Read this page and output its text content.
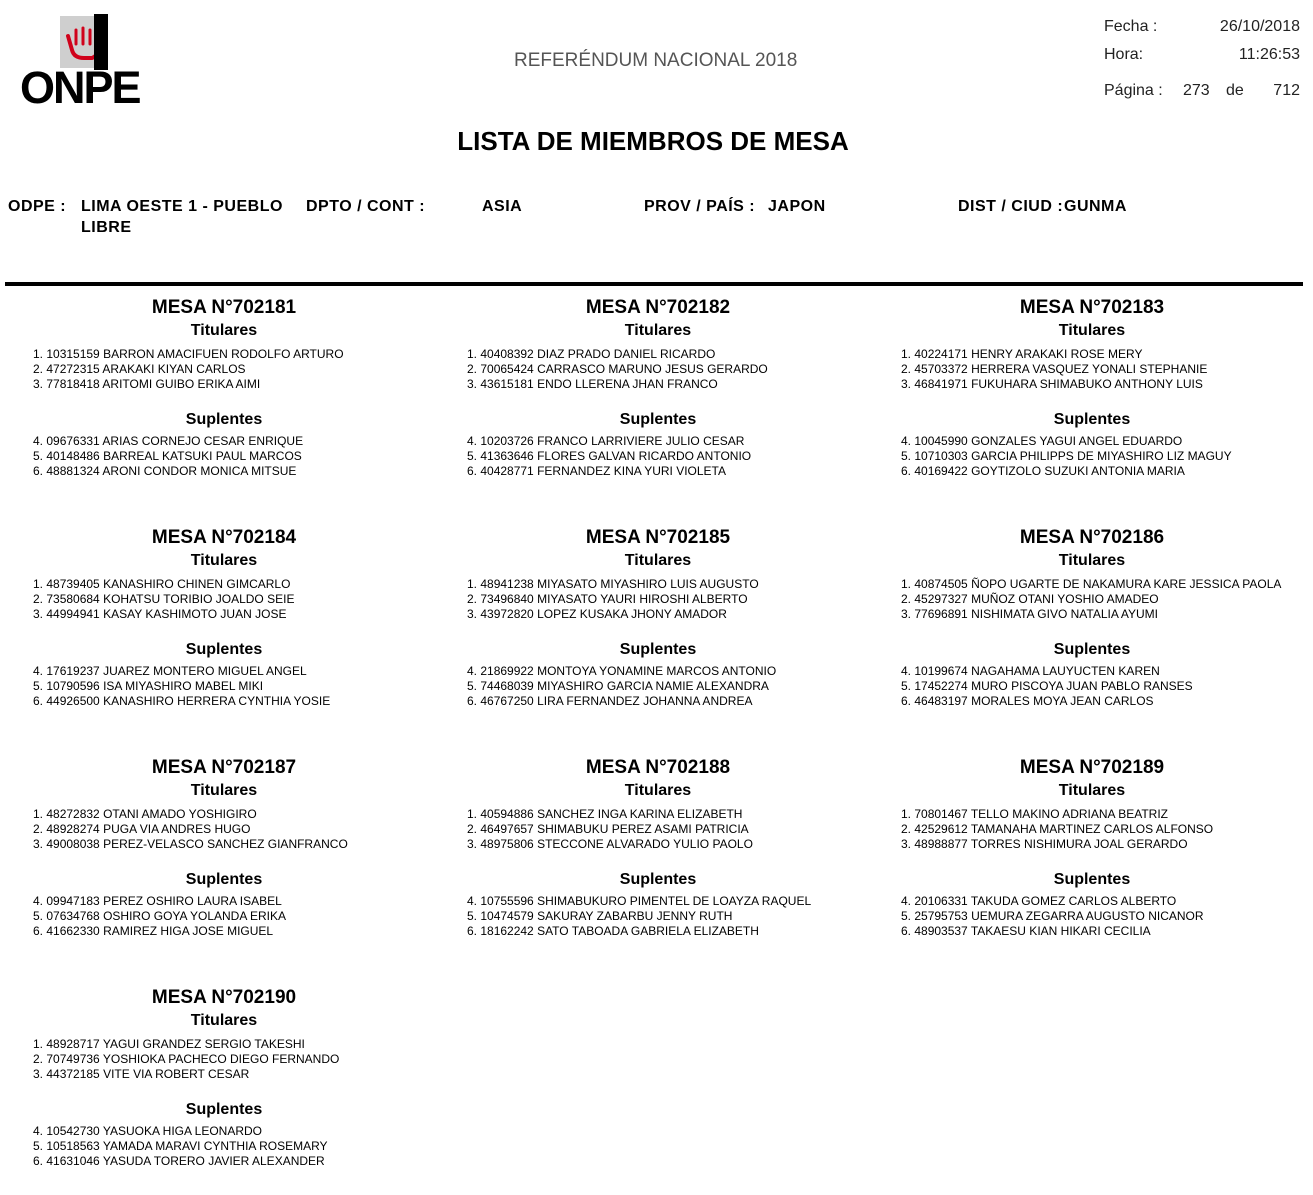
ONPE
REFERÉNDUM NACIONAL 2018
Fecha :	26/10/2018
Hora:	11:26:53
Página : 273 de 712
LISTA DE MIEMBROS DE MESA
ODPE : LIMA OESTE 1 - PUEBLO
LIBRE
DPTO / CONT :	ASIA	PROV / PAÍS : JAPON	DIST / CIUD : GUNMA
MESA N°702181
Titulares
1. 10315159 BARRON AMACIFUEN RODOLFO ARTURO
2. 47272315 ARAKAKI KIYAN CARLOS
3. 77818418 ARITOMI GUIBO ERIKA AIMI
Suplentes
4. 09676331 ARIAS CORNEJO CESAR ENRIQUE
5. 40148486 BARREAL KATSUKI PAUL MARCOS
6. 48881324 ARONI CONDOR MONICA MITSUE
MESA N°702182
Titulares
1. 40408392 DIAZ PRADO DANIEL RICARDO
2. 70065424 CARRASCO MARUNO JESUS GERARDO
3. 43615181 ENDO LLERENA JHAN FRANCO
Suplentes
4. 10203726 FRANCO LARRIVIERE JULIO CESAR
5. 41363646 FLORES GALVAN RICARDO ANTONIO
6. 40428771 FERNANDEZ KINA YURI VIOLETA
MESA N°702183
Titulares
1. 40224171 HENRY ARAKAKI ROSE MERY
2. 45703372 HERRERA VASQUEZ YONALI STEPHANIE
3. 46841971 FUKUHARA SHIMABUKO ANTHONY LUIS
Suplentes
4. 10045990 GONZALES YAGUI ANGEL EDUARDO
5. 10710303 GARCIA PHILIPPS DE MIYASHIRO LIZ MAGUY
6. 40169422 GOYTIZOLO SUZUKI ANTONIA MARIA
MESA N°702184
Titulares
1. 48739405 KANASHIRO CHINEN GIMCARLO
2. 73580684 KOHATSU TORIBIO JOALDO SEIE
3. 44994941 KASAY KASHIMOTO JUAN JOSE
Suplentes
4. 17619237 JUAREZ MONTERO MIGUEL ANGEL
5. 10790596 ISA MIYASHIRO MABEL MIKI
6. 44926500 KANASHIRO HERRERA CYNTHIA YOSIE
MESA N°702185
Titulares
1. 48941238 MIYASATO MIYASHIRO LUIS AUGUSTO
2. 73496840 MIYASATO YAURI HIROSHI ALBERTO
3. 43972820 LOPEZ KUSAKA JHONY AMADOR
Suplentes
4. 21869922 MONTOYA YONAMINE MARCOS ANTONIO
5. 74468039 MIYASHIRO GARCIA NAMIE ALEXANDRA
6. 46767250 LIRA FERNANDEZ JOHANNA ANDREA
MESA N°702186
Titulares
1. 40874505 ÑOPO UGARTE DE NAKAMURA KARE JESSICA PAOLA
2. 45297327 MUÑOZ OTANI YOSHIO AMADEO
3. 77696891 NISHIMATA GIVO NATALIA AYUMI
Suplentes
4. 10199674 NAGAHAMA LAUYUCTEN KAREN
5. 17452274 MURO PISCOYA JUAN PABLO RANSES
6. 46483197 MORALES MOYA JEAN CARLOS
MESA N°702187
Titulares
1. 48272832 OTANI AMADO YOSHIGIRO
2. 48928274 PUGA VIA ANDRES HUGO
3. 49008038 PEREZ-VELASCO SANCHEZ GIANFRANCO
Suplentes
4. 09947183 PEREZ OSHIRO LAURA ISABEL
5. 07634768 OSHIRO GOYA YOLANDA ERIKA
6. 41662330 RAMIREZ HIGA JOSE MIGUEL
MESA N°702188
Titulares
1. 40594886 SANCHEZ INGA KARINA ELIZABETH
2. 46497657 SHIMABUKU PEREZ ASAMI PATRICIA
3. 48975806 STECCONE ALVARADO YULIO PAOLO
Suplentes
4. 10755596 SHIMABUKURO PIMENTEL DE LOAYZA RAQUEL
5. 10474579 SAKURAY ZABARBU JENNY RUTH
6. 18162242 SATO TABOADA GABRIELA ELIZABETH
MESA N°702189
Titulares
1. 70801467 TELLO MAKINO ADRIANA BEATRIZ
2. 42529612 TAMANAHA MARTINEZ CARLOS ALFONSO
3. 48988877 TORRES NISHIMURA JOAL GERARDO
Suplentes
4. 20106331 TAKUDA GOMEZ CARLOS ALBERTO
5. 25795753 UEMURA ZEGARRA AUGUSTO NICANOR
6. 48903537 TAKAESU KIAN HIKARI CECILIA
MESA N°702190
Titulares
1. 48928717 YAGUI GRANDEZ SERGIO TAKESHI
2. 70749736 YOSHIOKA PACHECO DIEGO FERNANDO
3. 44372185 VITE VIA ROBERT CESAR
Suplentes
4. 10542730 YASUOKA HIGA LEONARDO
5. 10518563 YAMADA MARAVI CYNTHIA ROSEMARY
6. 41631046 YASUDA TORERO JAVIER ALEXANDER
